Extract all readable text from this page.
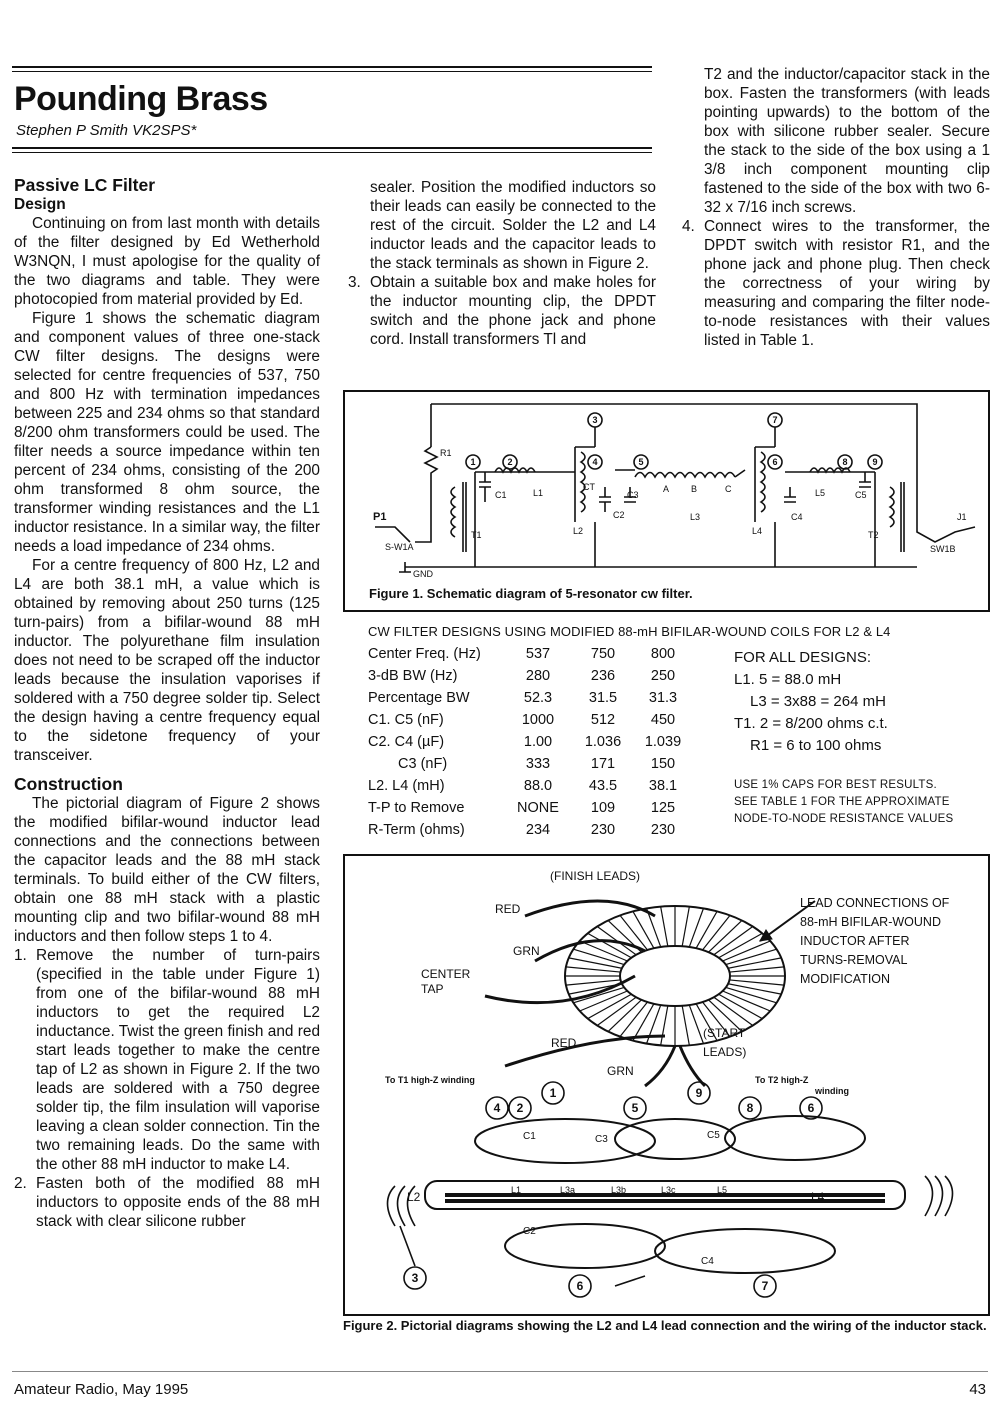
Pounding Brass
Stephen P Smith VK2SPS*

Passive LC Filter

Design

Continuing on from last month with details of the filter designed by Ed Wetherhold W3NQN, I must apologise for the quality of the two diagrams and table. They were photocopied from material provided by Ed.

Figure 1 shows the schematic diagram and component values of three one-stack CW filter designs. The designs were selected for centre frequencies of 537, 750 and 800 Hz with termination impedances between 225 and 234 ohms so that standard 8/200 ohm transformers could be used. The filter needs a source impedance within ten percent of 234 ohms, consisting of the 200 ohm transformed 8 ohm source, the transformer winding resistances and the L1 inductor resistance. In a similar way, the filter needs a load impedance of 234 ohms.

For a centre frequency of 800 Hz, L2 and L4 are both 38.1 mH, a value which is obtained by removing about 250 turns (125 turn-pairs) from a bifilar-wound 88 mH inductor. The polyurethane film insulation does not need to be scraped off the inductor leads because the insulation vaporises if soldered with a 750 degree solder tip. Select the design having a centre frequency equal to the sidetone frequency of your transceiver.

Construction

The pictorial diagram of Figure 2 shows the modified bifilar-wound inductor lead connections and the connections between the capacitor leads and the 88 mH stack terminals. To build either of the CW filters, obtain one 88 mH stack with a plastic mounting clip and two bifilar-wound 88 mH inductors and then follow steps 1 to 4.

1. Remove the number of turn-pairs (specified in the table under Figure 1) from one of the bifilar-wound 88 mH inductors to get the required L2 inductance. Twist the green finish and red start leads together to make the centre tap of L2 as shown in Figure 2. If the two leads are soldered with a 750 degree solder tip, the film insulation will vaporise leaving a clean solder connection. Tin the two remaining leads. Do the same with the other 88 mH inductor to make L4.
2. Fasten both of the modified 88 mH inductors to opposite ends of the 88 mH stack with clear silicone rubber
sealer. Position the modified inductors so their leads can easily be connected to the rest of the circuit. Solder the L2 and L4 inductor leads and the capacitor leads to the stack terminals as shown in Figure 2.
3. Obtain a suitable box and make holes for the inductor mounting clip, the DPDT switch and the phone jack and phone cord. Install transformers Tl and
T2 and the inductor/capacitor stack in the box. Fasten the transformers (with leads pointing upwards) to the bottom of the box with silicone rubber sealer. Secure the stack to the side of the box using a 1 3/8 inch component mounting clip fastened to the side of the box with two 6-32 x 7/16 inch screws.
4. Connect wires to the transformer, the DPDT switch with resistor R1, and the phone jack and phone plug. Then check the correctness of your wiring by measuring and comparing the filter node-to-node resistances with their values listed in Table 1.
1	2
3
4	5
7
6	8	9
R1
P1
S-W1A
GND
T1
C1	L1
CT
C2
L2
C3
A B	C
L3	C4
L4
L5	C5
T2
SW1B
J1
Figure 1. Schematic diagram of 5-resonator cw filter.
CW FILTER DESIGNS USING MODIFIED 88-mH BIFILAR-WOUND COILS FOR L2 & L4
Center Freq. (Hz)	537	750	800
3-dB BW (Hz)	280	236	250
Percentage BW	52.3	31.5	31.3
C1. C5 (nF)	1000	512	450
C2. C4 (µF)	1.00	1.036	1.039
C3 (nF)	333	171	150
L2. L4 (mH)	88.0	43.5	38.1
T-P to Remove	NONE	109	125
R-Term (ohms)	234	230	230
FOR ALL DESIGNS:
L1. 5 = 88.0 mH
L3 = 3x88 = 264 mH
T1. 2 = 8/200 ohms c.t.
R1 = 6 to 100 ohms
USE 1% CAPS FOR BEST RESULTS.
SEE TABLE 1 FOR THE APPROXIMATE
NODE-TO-NODE RESISTANCE VALUES
4 2
1
5
9
8	6
3
6	7
(FINISH LEADS)
RED
GRN
CENTER
TAP
RED
(START
LEADS)
GRN
To T1 high-Z winding	To T2 high-Z
winding
C1	C3	C5
L2	L4
L1	L3a	L3b	L3c	L5
C2
C4
LEAD CONNECTIONS OF
88-mH BIFILAR-WOUND
INDUCTOR AFTER
TURNS-REMOVAL
MODIFICATION
Figure 2. Pictorial diagrams showing the L2 and L4 lead connection and the wiring of the inductor stack.
Amateur Radio, May 1995	43
